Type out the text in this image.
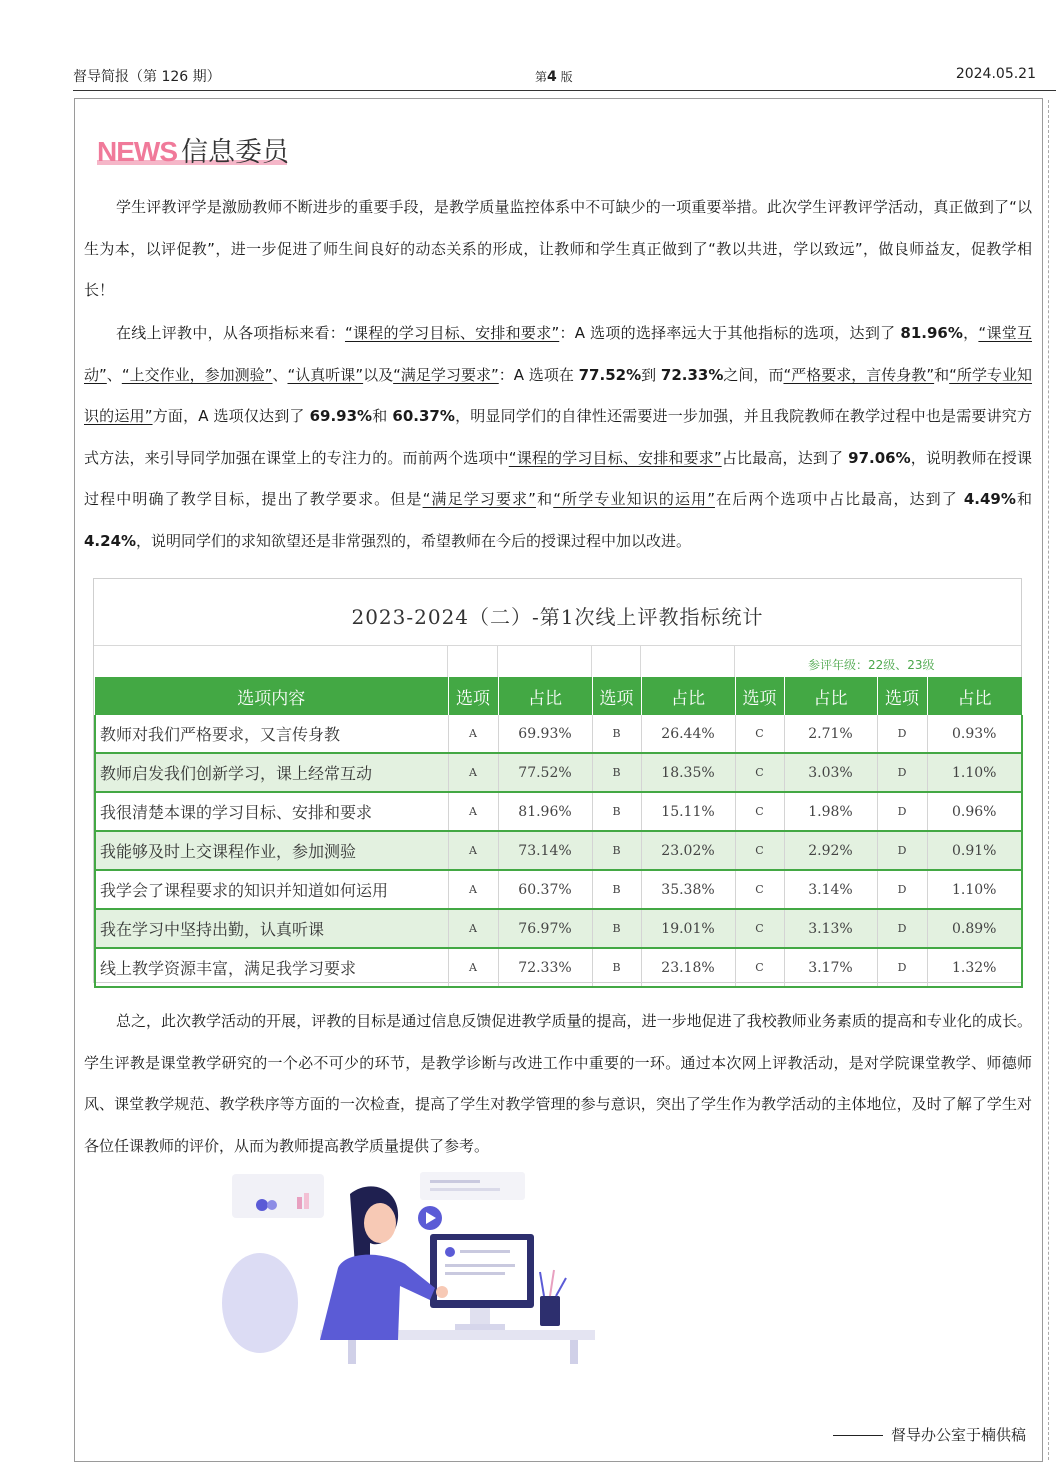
督导简报（第 126 期）	第4 版	2024.05.21
NEWS 信息委员
学生评教评学是激励教师不断进步的重要手段，是教学质量监控体系中不可缺少的一项重要举措。此次学生评教评学活动，真正做到了“以生为本，以评促教”，进一步促进了师生间良好的动态关系的形成，让教师和学生真正做到了“教以共进，学以致远”，做良师益友，促教学相长！
在线上评教中，从各项指标来看：“课程的学习目标、安排和要求”：A 选项的选择率远大于其他指标的选项，达到了 81.96%，“课堂互动”、“上交作业，参加测验”、“认真听课”以及“满足学习要求”：A 选项在 77.52%到 72.33%之间，而“严格要求，言传身教”和“所学专业知识的运用”方面，A 选项仅达到了 69.93%和 60.37%，明显同学们的自律性还需要进一步加强，并且我院教师在教学过程中也是需要讲究方式方法，来引导同学加强在课堂上的专注力的。而前两个选项中“课程的学习目标、安排和要求”占比最高，达到了 97.06%，说明教师在授课过程中明确了教学目标，提出了教学要求。但是“满足学习要求”和“所学专业知识的运用”在后两个选项中占比最高，达到了 4.49%和 4.24%，说明同学们的求知欲望还是非常强烈的，希望教师在今后的授课过程中加以改进。
2023-2024（二）-第1次线上评教指标统计
参评年级：22级、23级
选项内容	选项	占比	选项	占比	选项	占比	选项	占比
教师对我们严格要求，又言传身教	A	69.93%	B	26.44%	C	2.71%	D	0.93%
教师启发我们创新学习，课上经常互动	A	77.52%	B	18.35%	C	3.03%	D	1.10%
我很清楚本课的学习目标、安排和要求	A	81.96%	B	15.11%	C	1.98%	D	0.96%
我能够及时上交课程作业，参加测验	A	73.14%	B	23.02%	C	2.92%	D	0.91%
我学会了课程要求的知识并知道如何运用	A	60.37%	B	35.38%	C	3.14%	D	1.10%
我在学习中坚持出勤，认真听课	A	76.97%	B	19.01%	C	3.13%	D	0.89%
线上教学资源丰富，满足我学习要求	A	72.33%	B	23.18%	C	3.17%	D	1.32%
总之，此次教学活动的开展，评教的目标是通过信息反馈促进教学质量的提高，进一步地促进了我校教师业务素质的提高和专业化的成长。学生评教是课堂教学研究的一个必不可少的环节，是教学诊断与改进工作中重要的一环。通过本次网上评教活动，是对学院课堂教学、师德师风、课堂教学规范、教学秩序等方面的一次检查，提高了学生对教学管理的参与意识，突出了学生作为教学活动的主体地位，及时了解了学生对各位任课教师的评价，从而为教师提高教学质量提供了参考。
督导办公室于楠供稿
